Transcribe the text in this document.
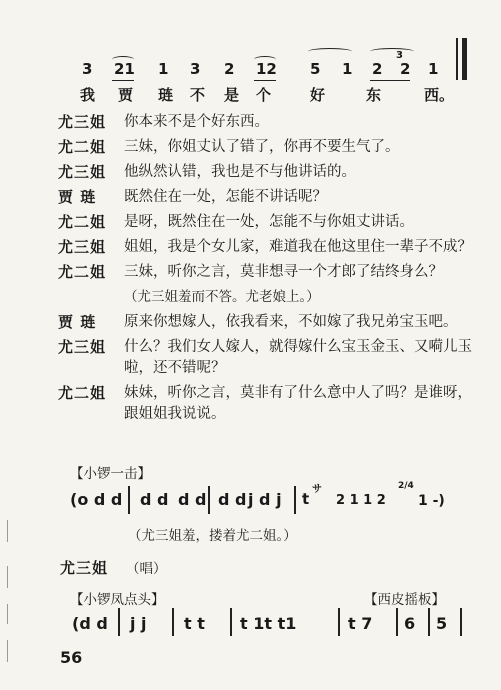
3 21 1 3 2 12 5 1 2
3
2 1
我 贾 琏 不 是 个	好	东	西。
尤三姐	你本来不是个好东西。
尤二姐	三妹，你姐丈认了错了，你再不要生气了。
尤三姐	他纵然认错，我也是不与他讲话的。
贾 琏	既然住在一处，怎能不讲话呢？
尤二姐	是呀，既然住在一处，怎能不与你姐丈讲话。
尤三姐	姐姐，我是个女儿家，难道我在他这里住一辈子不成？
尤二姐	三妹，听你之言，莫非想寻一个才郎了结终身么？
（尤三姐羞而不答。尤老娘上。）
贾 琏	原来你想嫁人，依我看来，不如嫁了我兄弟宝玉吧。
尤三姐	什么？我们女人嫁人，就得嫁什么宝玉金玉、又嗬儿玉啦，还不错呢？
尤二姐	妹妹，听你之言，莫非有了什么意中人了吗？是谁呀，跟姐姐我说说。
【小锣一击】
(o d d d d d d d d j d j t
サ
2 1 1 2
2/4
1 -)
（尤三姐羞，搂着尤二姐。）
尤三姐 （唱）
【小锣凤点头】	【西皮摇板】
(d d j j t t t 1t t1	t 7 6 5
56
